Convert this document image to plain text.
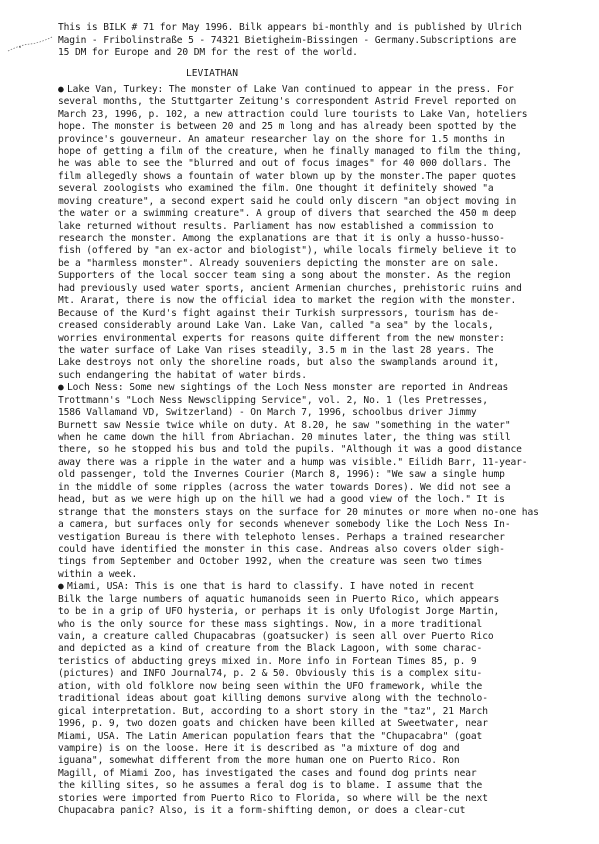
This is BILK # 71 for May 1996. Bilk appears bi-monthly and is published by Ulrich
Magin - Fribolinstraße 5 - 74321 Bietigheim-Bissingen - Germany.Subscriptions are
15 DM for Europe and 20 DM for the rest of the world.
LEVIATHAN
● Lake Van, Turkey: The monster of Lake Van continued to appear in the press. For
several months, the Stuttgarter Zeitung's correspondent Astrid Frevel reported on
March 23, 1996, p. 102, a new attraction could lure tourists to Lake Van, hoteliers
hope. The monster is between 20 and 25 m long and has already been spotted by the
province's gouverneur. An amateur researcher lay on the shore for 1.5 months in
hope of getting a film of the creature, when he finally managed to film the thing,
he was able to see the "blurred and out of focus images" for 40 000 dollars. The
film allegedly shows a fountain of water blown up by the monster.The paper quotes
several zoologists who examined the film. One thought it definitely showed "a
moving creature", a second expert said he could only discern "an object moving in
the water or a swimming creature". A group of divers that searched the 450 m deep
lake returned without results. Parliament has now established a commission to
research the monster. Among the explanations are that it is only a husso-husso-
fish (offered by "an ex-actor and biologist"), while locals firmely believe it to
be a "harmless monster". Already souveniers depicting the monster are on sale.
Supporters of the local soccer team sing a song about the monster. As the region
had previously used water sports, ancient Armenian churches, prehistoric ruins and
Mt. Ararat, there is now the official idea to market the region with the monster.
Because of the Kurd's fight against their Turkish surpressors, tourism has de-
creased considerably around Lake Van. Lake Van, called "a sea" by the locals,
worries environmental experts for reasons quite different from the new monster:
the water surface of Lake Van rises steadily, 3.5 m in the last 28 years. The
Lake destroys not only the shoreline roads, but also the swamplands around it,
such endangering the habitat of water birds.
● Loch Ness: Some new sightings of the Loch Ness monster are reported in Andreas
Trottmann's "Loch Ness Newsclipping Service", vol. 2, No. 1 (les Pretresses,
1586 Vallamand VD, Switzerland) - On March 7, 1996, schoolbus driver Jimmy
Burnett saw Nessie twice while on duty. At 8.20, he saw "something in the water"
when he came down the hill from Abriachan. 20 minutes later, the thing was still
there, so he stopped his bus and told the pupils. "Although it was a good distance
away there was a ripple in the water and a hump was visible." Eilidh Barr, 11-year-
old passenger, told the Invernes Courier (March 8, 1996): "We saw a single hump
in the middle of some ripples (across the water towards Dores). We did not see a
head, but as we were high up on the hill we had a good view of the loch." It is
strange that the monsters stays on the surface for 20 minutes or more when no-one has
a camera, but surfaces only for seconds whenever somebody like the Loch Ness In-
vestigation Bureau is there with telephoto lenses. Perhaps a trained researcher
could have identified the monster in this case. Andreas also covers older sigh-
tings from September and October 1992, when the creature was seen two times
within a week.
● Miami, USA: This is one that is hard to classify. I have noted in recent
Bilk the large numbers of aquatic humanoids seen in Puerto Rico, which appears
to be in a grip of UFO hysteria, or perhaps it is only Ufologist Jorge Martin,
who is the only source for these mass sightings. Now, in a more traditional
vain, a creature called Chupacabras (goatsucker) is seen all over Puerto Rico
and depicted as a kind of creature from the Black Lagoon, with some charac-
teristics of abducting greys mixed in. More info in Fortean Times 85, p. 9
(pictures) and INFO Journal74, p. 2 & 50. Obviously this is a complex situ-
ation, with old folklore now being seen within the UFO framework, while the
traditional ideas about goat killing demons survive along with the technolo-
gical interpretation. But, according to a short story in the "taz", 21 March
1996, p. 9, two dozen goats and chicken have been killed at Sweetwater, near
Miami, USA. The Latin American population fears that the "Chupacabra" (goat
vampire) is on the loose. Here it is described as "a mixture of dog and
iguana", somewhat different from the more human one on Puerto Rico. Ron
Magill, of Miami Zoo, has investigated the cases and found dog prints near
the killing sites, so he assumes a feral dog is to blame. I assume that the
stories were imported from Puerto Rico to Florida, so where will be the next
Chupacabra panic? Also, is it a form-shifting demon, or does a clear-cut
